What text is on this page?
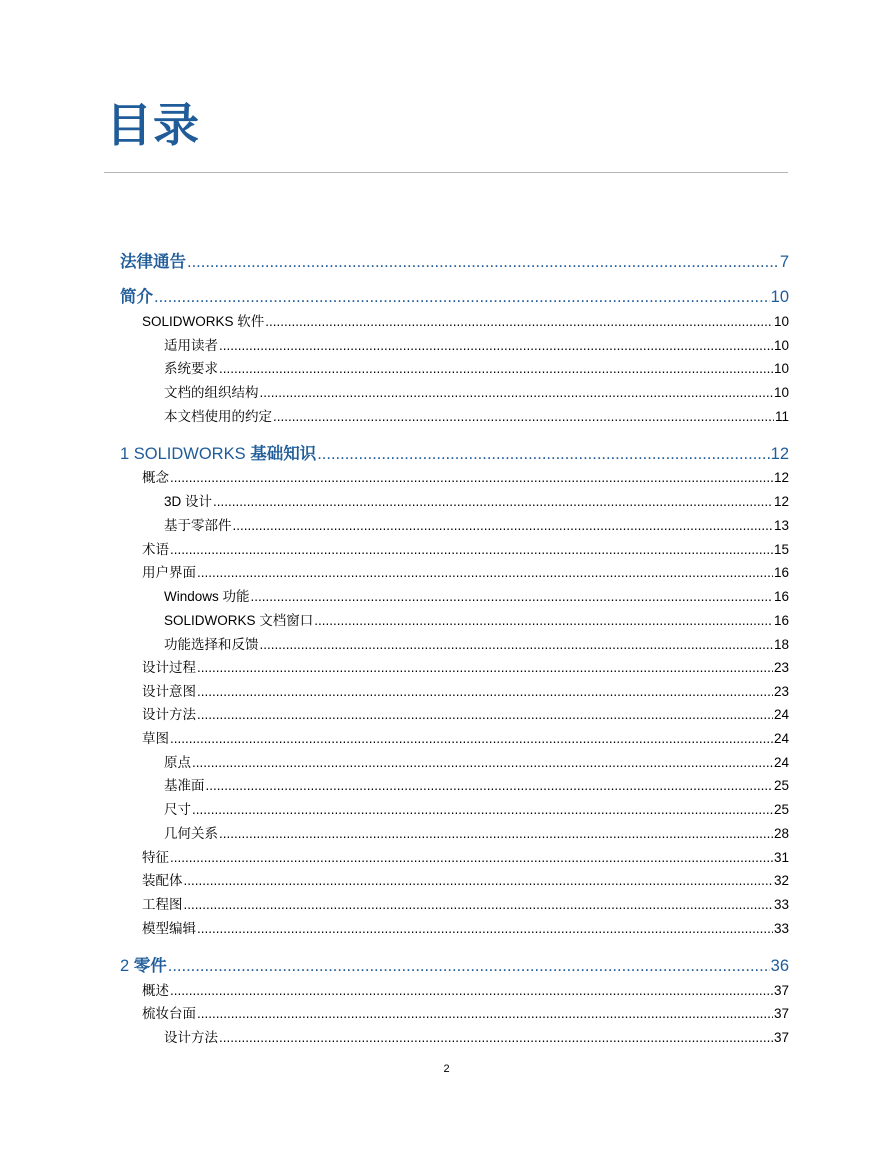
目录
法律通告 .....	7
简介 .....	10
SOLIDWORKS 软件 .....	10
适用读者 .....	10
系统要求 .....	10
文档的组织结构 .....	10
本文档使用的约定 .....	11
1 SOLIDWORKS 基础知识 .....	12
概念 .....	12
3D 设计 .....	12
基于零部件 .....	13
术语 .....	15
用户界面 .....	16
Windows 功能 .....	16
SOLIDWORKS 文档窗口 .....	16
功能选择和反馈 .....	18
设计过程 .....	23
设计意图 .....	23
设计方法 .....	24
草图 .....	24
原点 .....	24
基准面 .....	25
尺寸 .....	25
几何关系 .....	28
特征 .....	31
装配体 .....	32
工程图 .....	33
模型编辑 .....	33
2 零件 .....	36
概述 .....	37
梳妆台面 .....	37
设计方法 .....	37
2
